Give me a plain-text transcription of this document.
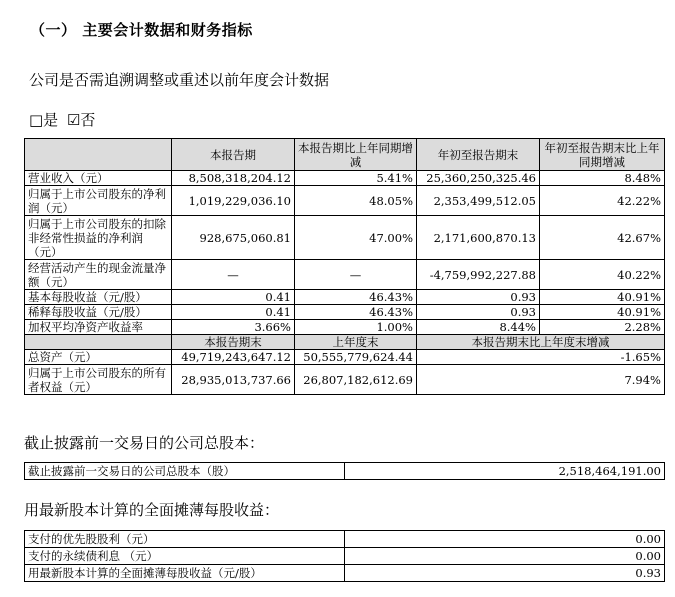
（一） 主要会计数据和财务指标
公司是否需追溯调整或重述以前年度会计数据
□是 ☑否
	本报告期	本报告期比上年同期增减	年初至报告期末	年初至报告期末比上年同期增减
营业收入（元）	8,508,318,204.12	5.41%	25,360,250,325.46	8.48%
归属于上市公司股东的净利润（元）	1,019,229,036.10	48.05%	2,353,499,512.05	42.22%
归属于上市公司股东的扣除非经常性损益的净利润（元）	928,675,060.81	47.00%	2,171,600,870.13	42.67%
经营活动产生的现金流量净额（元）	—	—	-4,759,992,227.88	40.22%
基本每股收益（元/股）	0.41	46.43%	0.93	40.91%
稀释每股收益（元/股）	0.41	46.43%	0.93	40.91%
加权平均净资产收益率	3.66%	1.00%	8.44%	2.28%
	本报告期末	上年度末	本报告期末比上年度末增减	
总资产（元）	49,719,243,647.12	50,555,779,624.44	-1.65%	
归属于上市公司股东的所有者权益（元）	28,935,013,737.66	26,807,182,612.69	7.94%	
截止披露前一交易日的公司总股本：
截止披露前一交易日的公司总股本（股）	2,518,464,191.00
用最新股本计算的全面摊薄每股收益：
支付的优先股股利（元）	0.00
支付的永续债利息 （元）	0.00
用最新股本计算的全面摊薄每股收益（元/股）	0.93
